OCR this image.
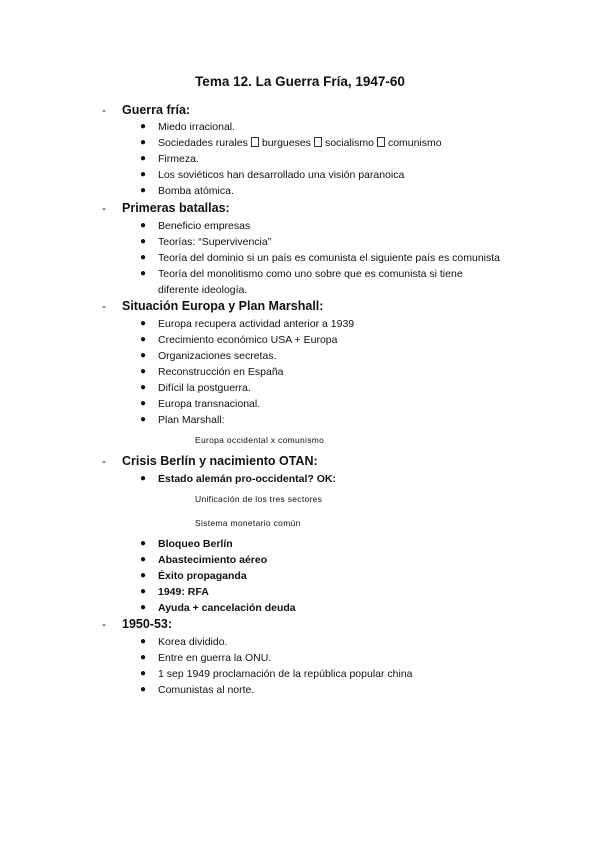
Tema 12. La Guerra Fría, 1947-60
- Guerra fría:
● Miedo irracional.
● Sociedades rurales burgueses socialismo comunismo
● Firmeza.
● Los soviéticos han desarrollado una visión paranoica
● Bomba atómica.
- Primeras batallas:
● Beneficio empresas
● Teorías: “Supervivencia”
● Teoría del dominio si un país es comunista el siguiente país es comunista
● Teoría del monolitismo como uno sobre que es comunista si tiene
diferente ideología.
- Situación Europa y Plan Marshall:
● Europa recupera actividad anterior a 1939
● Crecimiento económico USA + Europa
● Organizaciones secretas.
● Reconstrucción en España
● Difícil la postguerra.
● Europa transnacional.
● Plan Marshall:
Europa occidental x comunismo
- Crisis Berlín y nacimiento OTAN:
● Estado alemán pro-occidental? OK:
Unificación de los tres sectores
Sistema monetario común
● Bloqueo Berlín
● Abastecimiento aéreo
● Éxito propaganda
● 1949: RFA
● Ayuda + cancelación deuda
- 1950-53:
● Korea dividido.
● Entre en guerra la ONU.
● 1 sep 1949 proclamación de la república popular china
● Comunistas al norte.
